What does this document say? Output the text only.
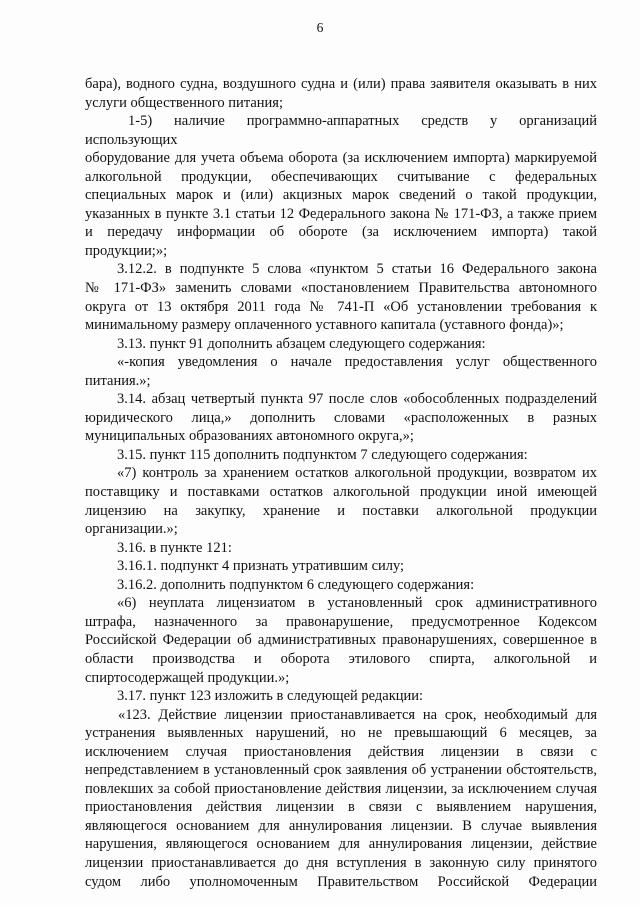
6

бара), водного судна, воздушного судна и (или) права заявителя оказывать в них

услуги общественного питания;

1-5) наличие программно-аппаратных средств у организаций использующих

оборудование для учета объема оборота (за исключением импорта) маркируемой

алкогольной продукции, обеспечивающих считывание с федеральных

специальных марок и (или) акцизных марок сведений о такой продукции,

указанных в пункте 3.1 статьи 12 Федерального закона № 171-ФЗ, а также прием

и передачу информации об обороте (за исключением импорта) такой

продукции;»;

3.12.2. в подпункте 5 слова «пунктом 5 статьи 16 Федерального закона

№ 171-ФЗ» заменить словами «постановлением Правительства автономного

округа от 13 октября 2011 года № 741-П «Об установлении требования к

минимальному размеру оплаченного уставного капитала (уставного фонда)»;

3.13. пункт 91 дополнить абзацем следующего содержания:

«-копия уведомления о начале предоставления услуг общественного

питания.»;

3.14. абзац четвертый пункта 97 после слов «обособленных подразделений

юридического лица,» дополнить словами «расположенных в разных

муниципальных образованиях автономного округа,»;

3.15. пункт 115 дополнить подпунктом 7 следующего содержания:

«7) контроль за хранением остатков алкогольной продукции, возвратом их

поставщику и поставками остатков алкогольной продукции иной имеющей

лицензию на закупку, хранение и поставки алкогольной продукции

организации.»;

3.16. в пункте 121:

3.16.1. подпункт 4 признать утратившим силу;

3.16.2. дополнить подпунктом 6 следующего содержания:

«6) неуплата лицензиатом в установленный срок административного

штрафа, назначенного за правонарушение, предусмотренное Кодексом

Российской Федерации об административных правонарушениях, совершенное в

области производства и оборота этилового спирта, алкогольной и

спиртосодержащей продукции.»;

3.17. пункт 123 изложить в следующей редакции:

«123. Действие лицензии приостанавливается на срок, необходимый для

устранения выявленных нарушений, но не превышающий 6 месяцев, за

исключением случая приостановления действия лицензии в связи с

непредставлением в установленный срок заявления об устранении обстоятельств,

повлекших за собой приостановление действия лицензии, за исключением случая

приостановления действия лицензии в связи с выявлением нарушения,

являющегося основанием для аннулирования лицензии. В случае выявления

нарушения, являющегося основанием для аннулирования лицензии, действие

лицензии приостанавливается до дня вступления в законную силу принятого

судом либо уполномоченным Правительством Российской Федерации
